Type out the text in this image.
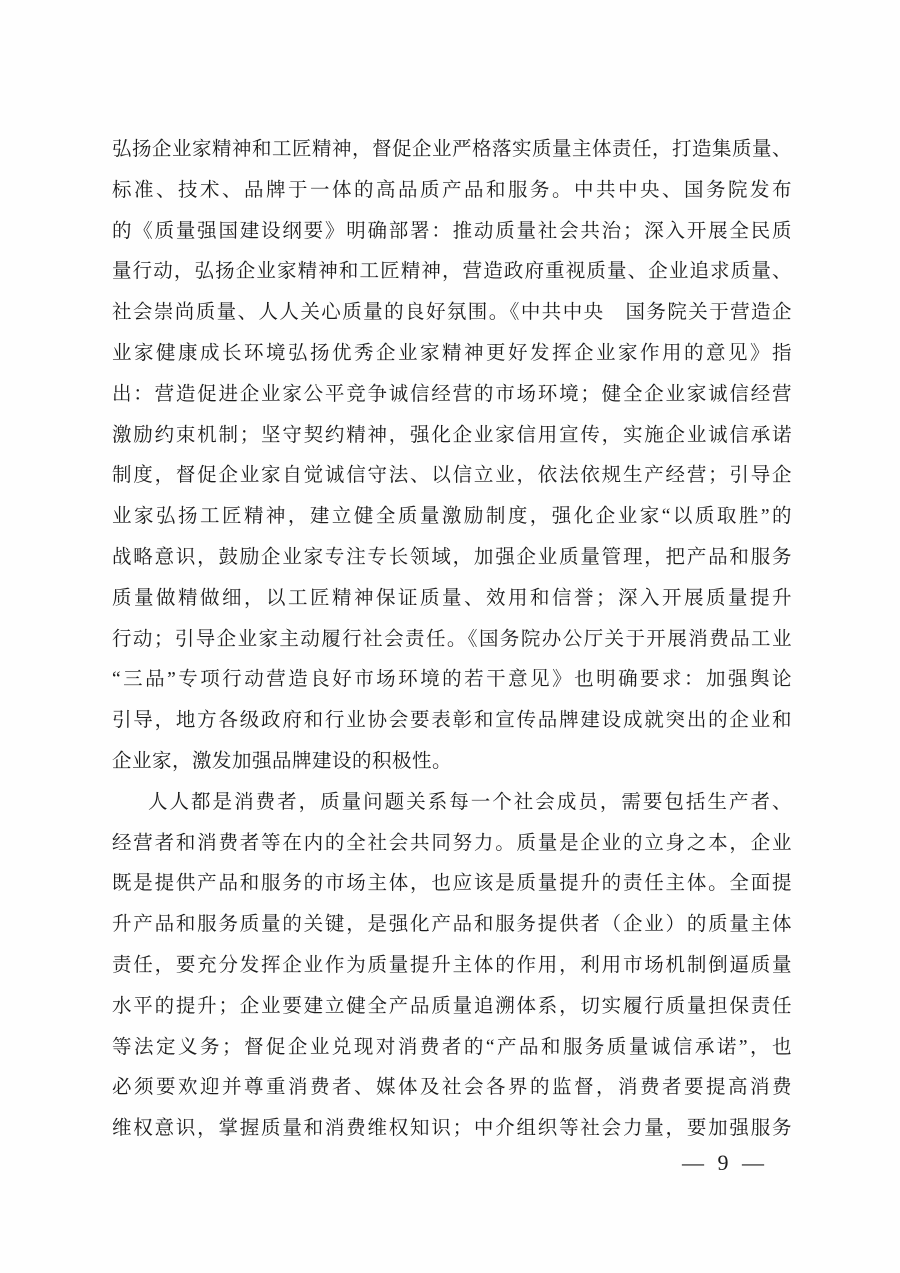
弘扬企业家精神和工匠精神，督促企业严格落实质量主体责任，打造集质量、
标准、技术、品牌于一体的高品质产品和服务。中共中央、国务院发布
的《质量强国建设纲要》明确部署：推动质量社会共治；深入开展全民质
量行动，弘扬企业家精神和工匠精神，营造政府重视质量、企业追求质量、
社会崇尚质量、人人关心质量的良好氛围。《中共中央　国务院关于营造企
业家健康成长环境弘扬优秀企业家精神更好发挥企业家作用的意见》指
出：营造促进企业家公平竞争诚信经营的市场环境；健全企业家诚信经营
激励约束机制；坚守契约精神，强化企业家信用宣传，实施企业诚信承诺
制度，督促企业家自觉诚信守法、以信立业，依法依规生产经营；引导企
业家弘扬工匠精神，建立健全质量激励制度，强化企业家“以质取胜”的
战略意识，鼓励企业家专注专长领域，加强企业质量管理，把产品和服务
质量做精做细，以工匠精神保证质量、效用和信誉；深入开展质量提升
行动；引导企业家主动履行社会责任。《国务院办公厅关于开展消费品工业
“三品”专项行动营造良好市场环境的若干意见》也明确要求：加强舆论
引导，地方各级政府和行业协会要表彰和宣传品牌建设成就突出的企业和
企业家，激发加强品牌建设的积极性。
人人都是消费者，质量问题关系每一个社会成员，需要包括生产者、
经营者和消费者等在内的全社会共同努力。质量是企业的立身之本，企业
既是提供产品和服务的市场主体，也应该是质量提升的责任主体。全面提
升产品和服务质量的关键，是强化产品和服务提供者（企业）的质量主体
责任，要充分发挥企业作为质量提升主体的作用，利用市场机制倒逼质量
水平的提升；企业要建立健全产品质量追溯体系，切实履行质量担保责任
等法定义务；督促企业兑现对消费者的“产品和服务质量诚信承诺”，也
必须要欢迎并尊重消费者、媒体及社会各界的监督，消费者要提高消费
维权意识，掌握质量和消费维权知识；中介组织等社会力量，要加强服务
— 9 —
